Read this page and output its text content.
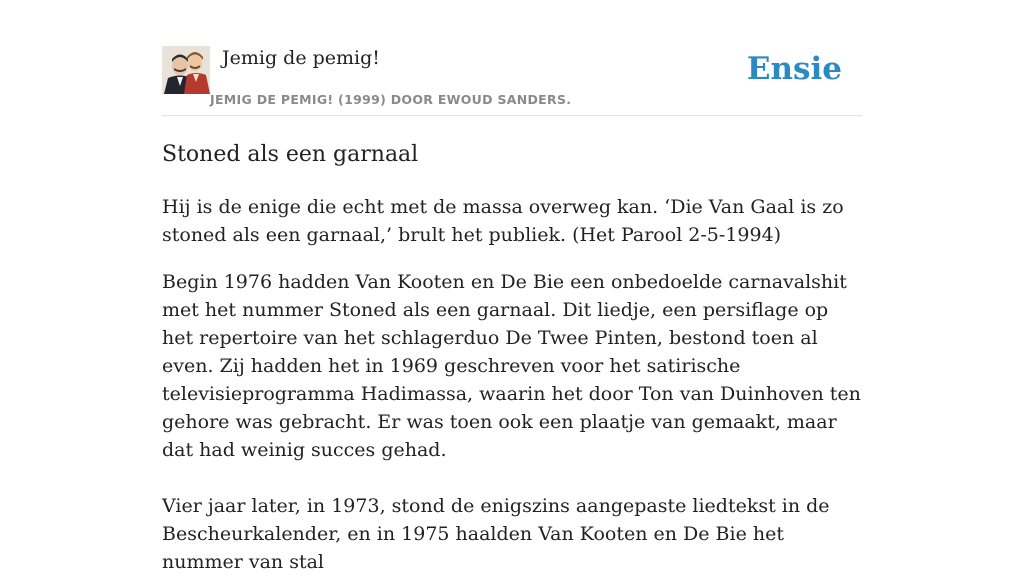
Jemig de pemig!
JEMIG DE PEMIG! (1999) DOOR EWOUD SANDERS.
Ensie
Stoned als een garnaal

Hij is de enige die echt met de massa overweg kan. ‘Die Van Gaal is zo stoned als een garnaal,’ brult het publiek. (Het Parool 2-5-1994)

Begin 1976 hadden Van Kooten en De Bie een onbedoelde carnavalshit met het nummer Stoned als een garnaal. Dit liedje, een persiflage op het repertoire van het schlagerduo De Twee Pinten, bestond toen al even. Zij hadden het in 1969 geschreven voor het satirische televisieprogramma Hadimassa, waarin het door Ton van Duinhoven ten gehore was gebracht. Er was toen ook een plaatje van gemaakt, maar dat had weinig succes gehad.

Vier jaar later, in 1973, stond de enigszins aangepaste liedtekst in de Bescheurkalender, en in 1975 haalden Van Kooten en De Bie het nummer van stal
